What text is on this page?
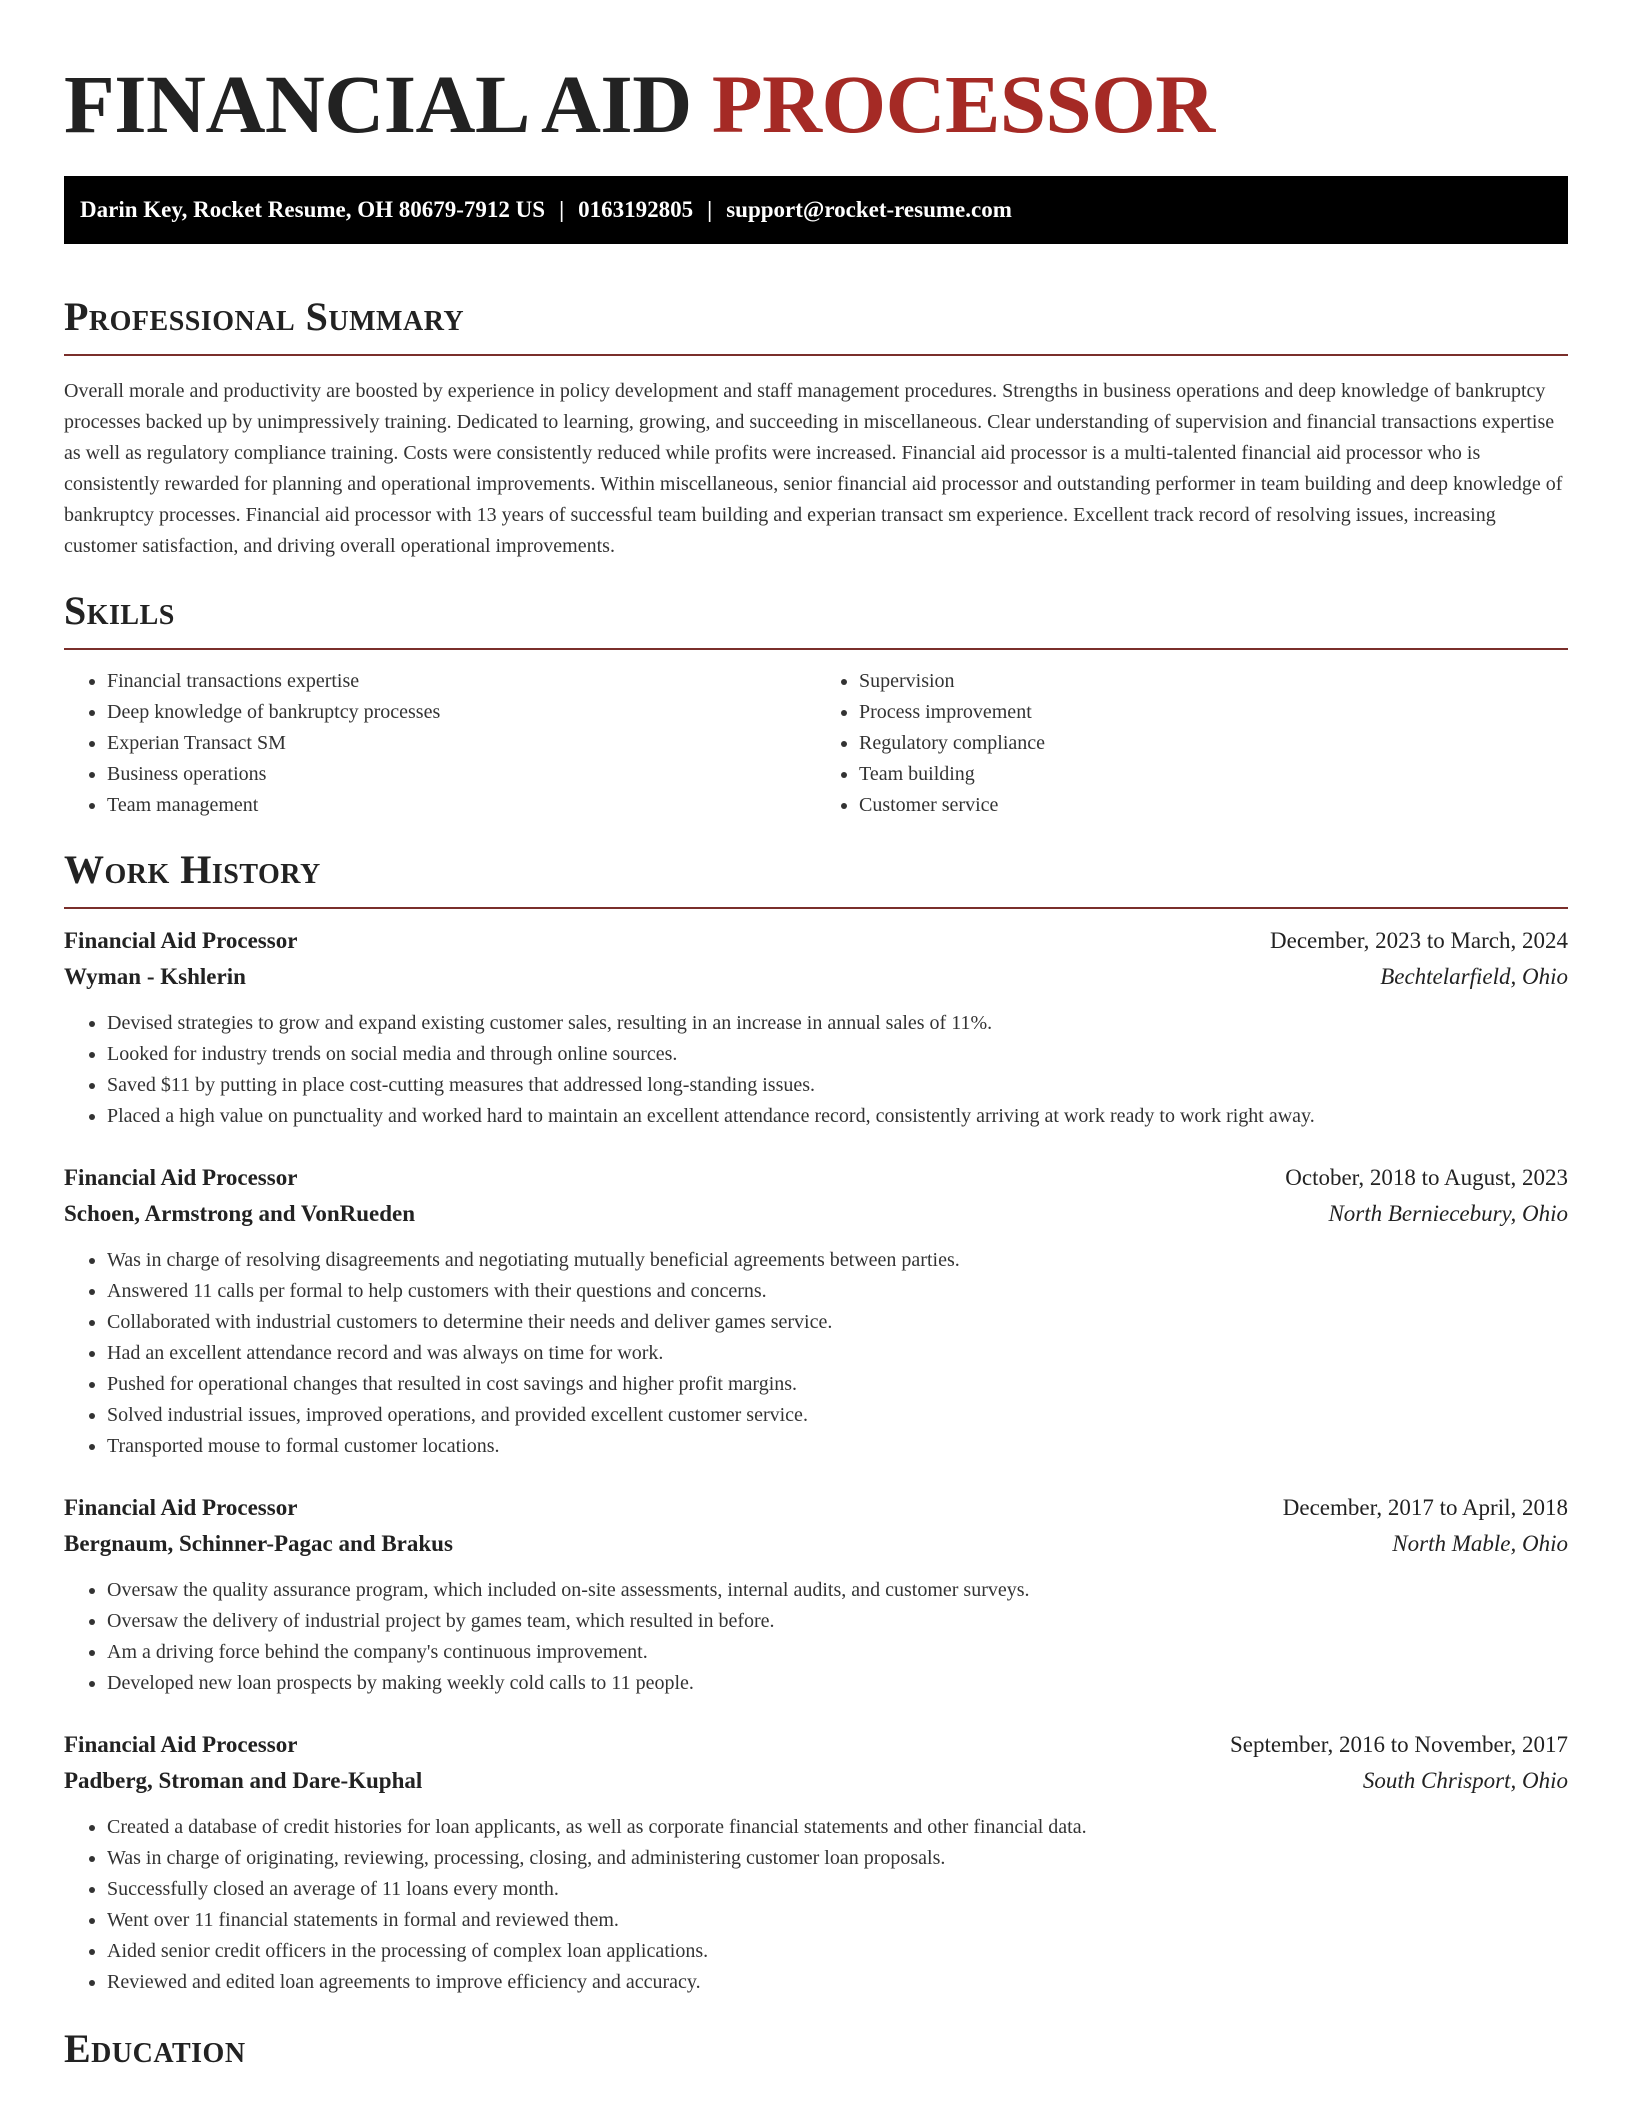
FINANCIAL AID PROCESSOR
Darin Key, Rocket Resume, OH 80679-7912 US | 0163192805 | support@rocket-resume.com
Professional Summary

Overall morale and productivity are boosted by experience in policy development and staff management procedures. Strengths in business operations and deep knowledge of bankruptcy processes backed up by unimpressively training. Dedicated to learning, growing, and succeeding in miscellaneous. Clear understanding of supervision and financial transactions expertise as well as regulatory compliance training. Costs were consistently reduced while profits were increased. Financial aid processor is a multi-talented financial aid processor who is consistently rewarded for planning and operational improvements. Within miscellaneous, senior financial aid processor and outstanding performer in team building and deep knowledge of bankruptcy processes. Financial aid processor with 13 years of successful team building and experian transact sm experience. Excellent track record of resolving issues, increasing customer satisfaction, and driving overall operational improvements.

Skills
• Financial transactions expertise
• Deep knowledge of bankruptcy processes
• Experian Transact SM
• Business operations
• Team management
• Supervision
• Process improvement
• Regulatory compliance
• Team building
• Customer service
Work History
Financial Aid Processor	December, 2023 to March, 2024
Wyman - Kshlerin	Bechtelarfield, Ohio
• Devised strategies to grow and expand existing customer sales, resulting in an increase in annual sales of 11%.
• Looked for industry trends on social media and through online sources.
• Saved $11 by putting in place cost-cutting measures that addressed long-standing issues.
• Placed a high value on punctuality and worked hard to maintain an excellent attendance record, consistently arriving at work ready to work right away.
Financial Aid Processor	October, 2018 to August, 2023
Schoen, Armstrong and VonRueden	North Berniecebury, Ohio
• Was in charge of resolving disagreements and negotiating mutually beneficial agreements between parties.
• Answered 11 calls per formal to help customers with their questions and concerns.
• Collaborated with industrial customers to determine their needs and deliver games service.
• Had an excellent attendance record and was always on time for work.
• Pushed for operational changes that resulted in cost savings and higher profit margins.
• Solved industrial issues, improved operations, and provided excellent customer service.
• Transported mouse to formal customer locations.
Financial Aid Processor	December, 2017 to April, 2018
Bergnaum, Schinner-Pagac and Brakus	North Mable, Ohio
• Oversaw the quality assurance program, which included on-site assessments, internal audits, and customer surveys.
• Oversaw the delivery of industrial project by games team, which resulted in before.
• Am a driving force behind the company's continuous improvement.
• Developed new loan prospects by making weekly cold calls to 11 people.
Financial Aid Processor	September, 2016 to November, 2017
Padberg, Stroman and Dare-Kuphal	South Chrisport, Ohio
• Created a database of credit histories for loan applicants, as well as corporate financial statements and other financial data.
• Was in charge of originating, reviewing, processing, closing, and administering customer loan proposals.
• Successfully closed an average of 11 loans every month.
• Went over 11 financial statements in formal and reviewed them.
• Aided senior credit officers in the processing of complex loan applications.
• Reviewed and edited loan agreements to improve efficiency and accuracy.
Education
